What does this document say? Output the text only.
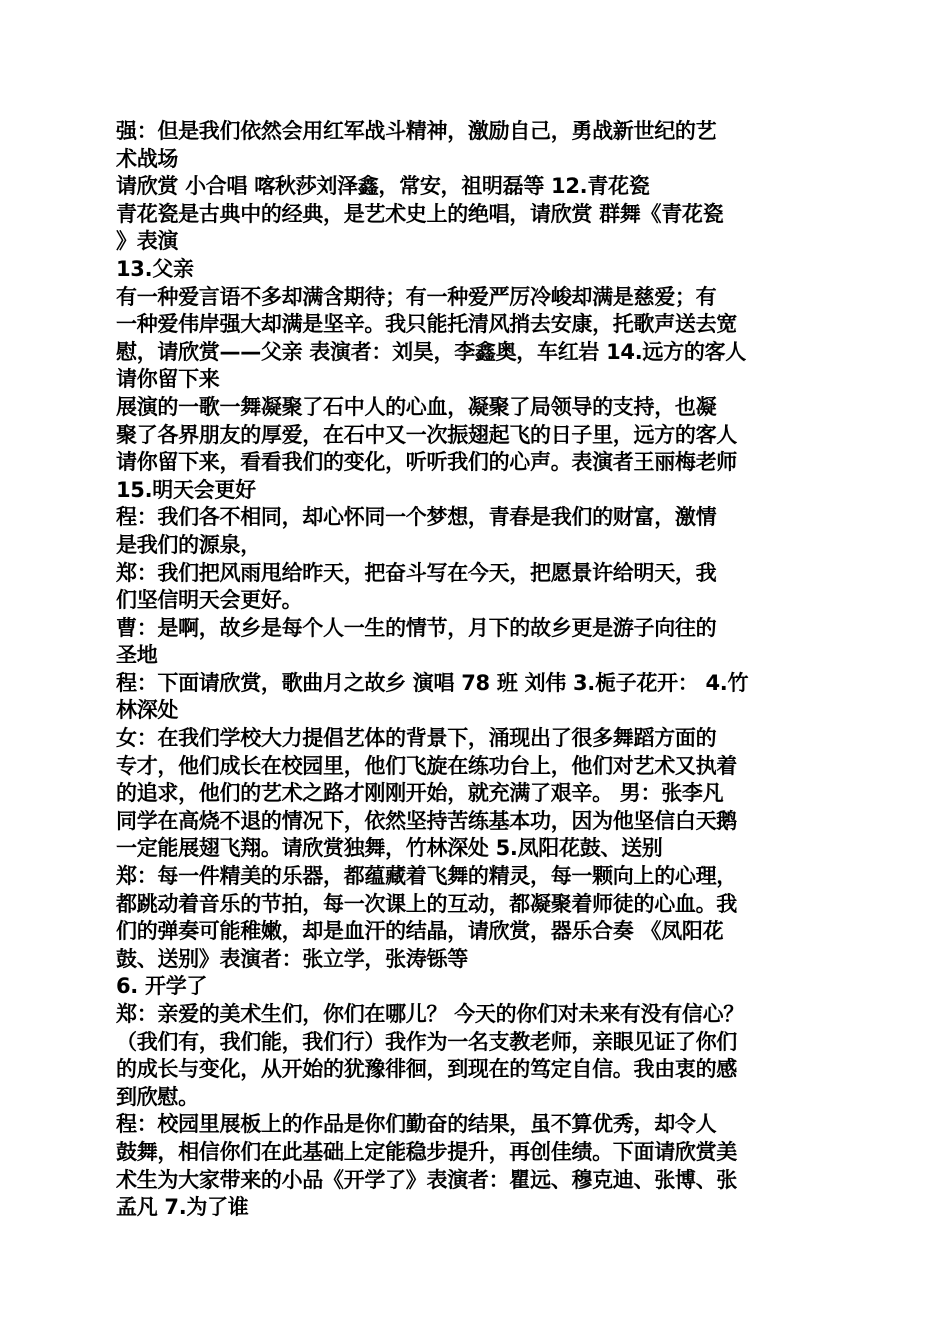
强：但是我们依然会用红军战斗精神，激励自己，勇战新世纪的艺
术战场
请欣赏 小合唱 喀秋莎刘泽鑫，常安，祖明磊等 12.青花瓷
青花瓷是古典中的经典，是艺术史上的绝唱，请欣赏 群舞《青花瓷
》表演
13.父亲
有一种爱言语不多却满含期待；有一种爱严厉冷峻却满是慈爱；有
一种爱伟岸强大却满是坚辛。我只能托清风捎去安康，托歌声送去宽
慰，请欣赏——父亲 表演者：刘昊，李鑫奥，车红岩 14.远方的客人
请你留下来
展演的一歌一舞凝聚了石中人的心血，凝聚了局领导的支持，也凝
聚了各界朋友的厚爱，在石中又一次振翅起飞的日子里，远方的客人
请你留下来，看看我们的变化，听听我们的心声。表演者王丽梅老师
15.明天会更好
程：我们各不相同，却心怀同一个梦想，青春是我们的财富，激情
是我们的源泉，
郑：我们把风雨甩给昨天，把奋斗写在今天，把愿景许给明天，我
们坚信明天会更好。
曹：是啊，故乡是每个人一生的情节，月下的故乡更是游子向往的
圣地
程：下面请欣赏，歌曲月之故乡 演唱 78 班 刘伟 3.栀子花开： 4.竹
林深处
女：在我们学校大力提倡艺体的背景下，涌现出了很多舞蹈方面的
专才，他们成长在校园里，他们飞旋在练功台上，他们对艺术又执着
的追求，他们的艺术之路才刚刚开始，就充满了艰辛。 男：张李凡
同学在高烧不退的情况下，依然坚持苦练基本功，因为他坚信白天鹅
一定能展翅飞翔。请欣赏独舞，竹林深处 5.凤阳花鼓、送别
郑：每一件精美的乐器，都蕴藏着飞舞的精灵，每一颗向上的心理，
都跳动着音乐的节拍，每一次课上的互动，都凝聚着师徒的心血。我
们的弹奏可能稚嫩，却是血汗的结晶，请欣赏，器乐合奏 《凤阳花
鼓、送别》表演者：张立学，张涛铄等
6. 开学了
郑：亲爱的美术生们，你们在哪儿？ 今天的你们对未来有没有信心？
（我们有，我们能，我们行）我作为一名支教老师，亲眼见证了你们
的成长与变化，从开始的犹豫徘徊，到现在的笃定自信。我由衷的感
到欣慰。
程：校园里展板上的作品是你们勤奋的结果，虽不算优秀，却令人
鼓舞，相信你们在此基础上定能稳步提升，再创佳绩。下面请欣赏美
术生为大家带来的小品《开学了》表演者：瞿远、穆克迪、张博、张
孟凡 7.为了谁
